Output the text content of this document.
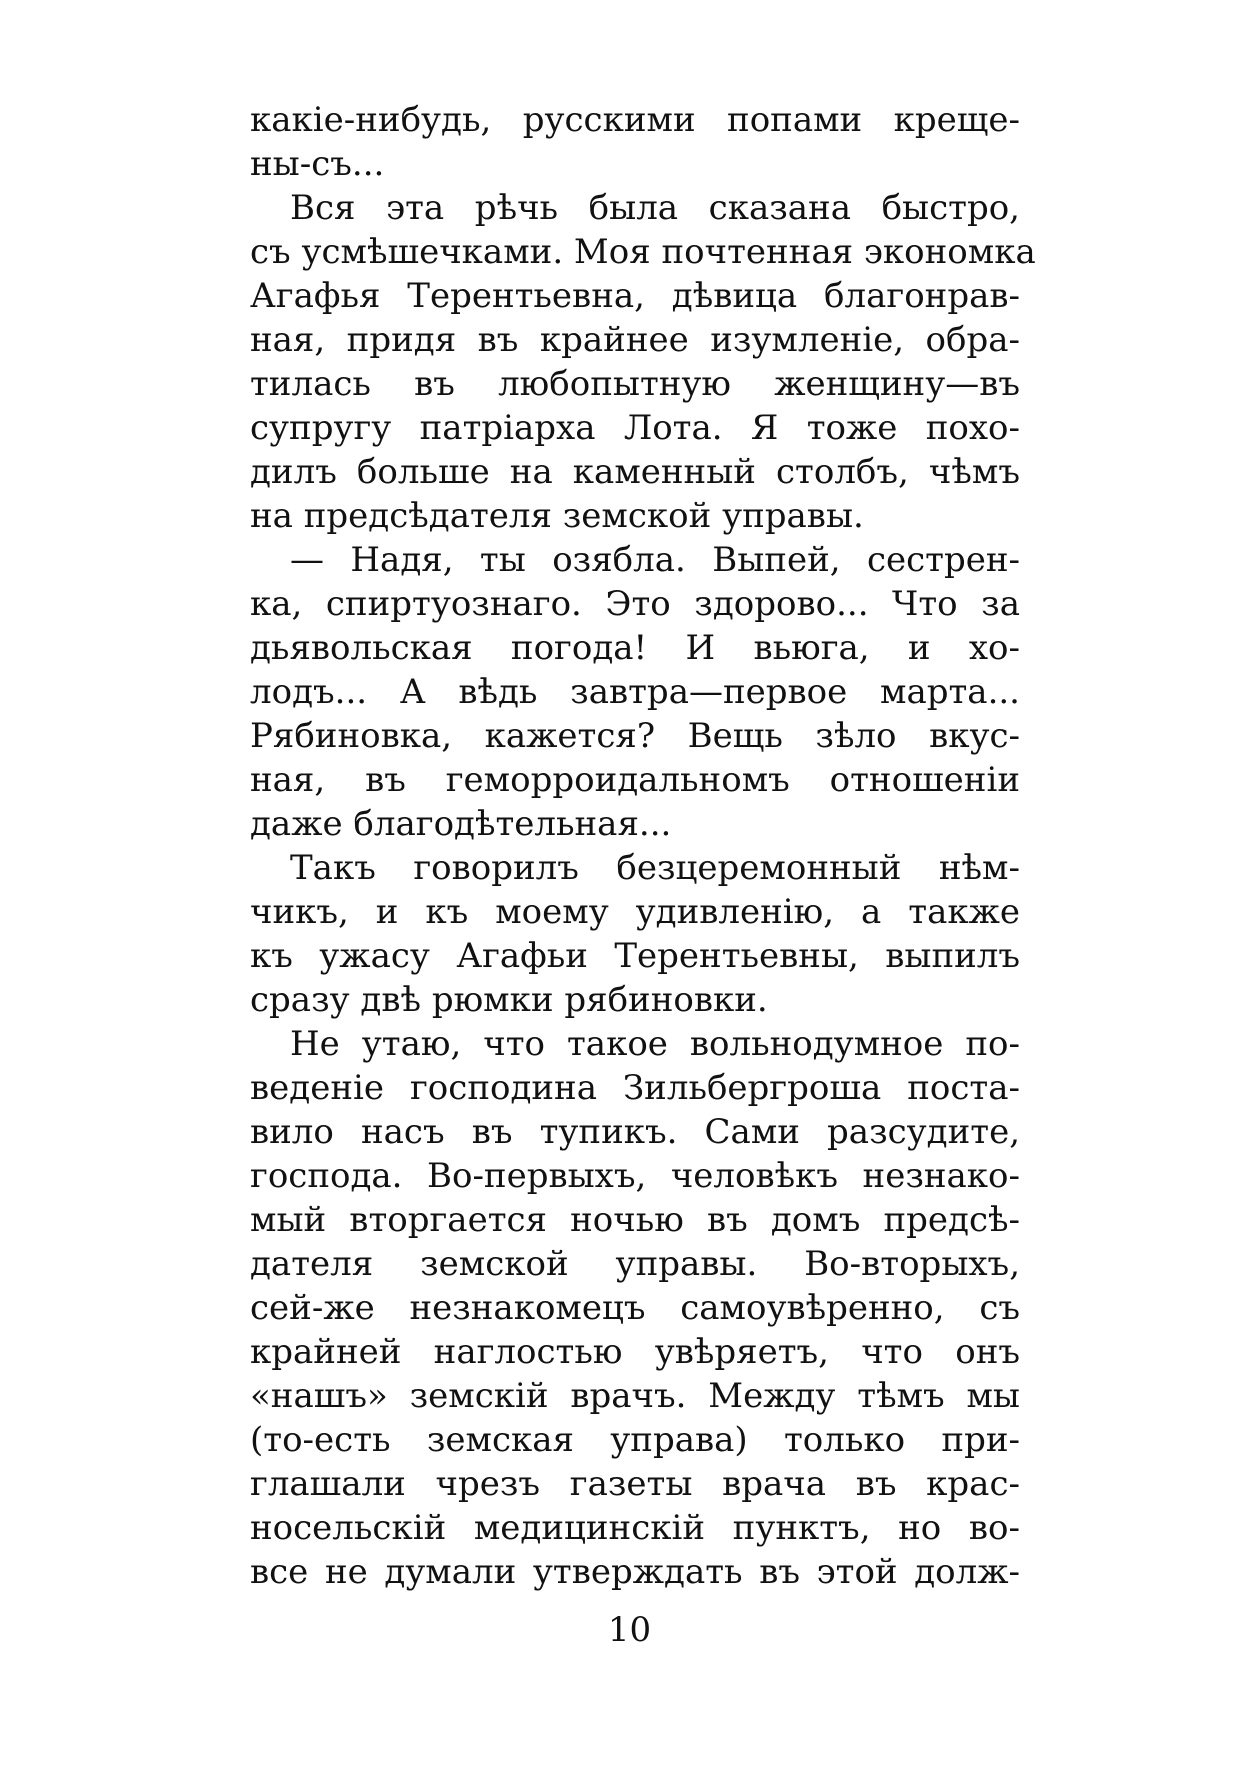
какіе-нибудь, русскими попами креще-
ны-съ...
Вся эта рѣчь была сказана быстро,
съ усмѣшечками. Моя почтенная экономка
Агафья Терентьевна, дѣвица благонрав-
ная, придя въ крайнее изумленіе, обра-
тилась въ любопытную женщину—въ
супругу патріарха Лота. Я тоже похо-
дилъ больше на каменный столбъ, чѣмъ
на предсѣдателя земской управы.
— Надя, ты озябла. Выпей, сестрен-
ка, спиртуознаго. Это здорово... Что за
дьявольская погода! И вьюга, и хо-
лодъ... А вѣдь завтра—первое марта...
Рябиновка, кажется? Вещь зѣло вкус-
ная, въ геморроидальномъ отношеніи
даже благодѣтельная...
Такъ говорилъ безцеремонный нѣм-
чикъ, и къ моему удивленію, а также
къ ужасу Агафьи Терентьевны, выпилъ
сразу двѣ рюмки рябиновки.
Не утаю, что такое вольнодумное по-
веденіе господина Зильбергроша поста-
вило насъ въ тупикъ. Сами разсудите,
господа. Во-первыхъ, человѣкъ незнако-
мый вторгается ночью въ домъ предсѣ-
дателя земской управы. Во-вторыхъ,
сей-же незнакомецъ самоувѣренно, съ
крайней наглостью увѣряетъ, что онъ
«нашъ» земскій врачъ. Между тѣмъ мы
(то-есть земская управа) только при-
глашали чрезъ газеты врача въ крас-
носельскій медицинскій пунктъ, но во-
все не думали утверждать въ этой долж-
10
